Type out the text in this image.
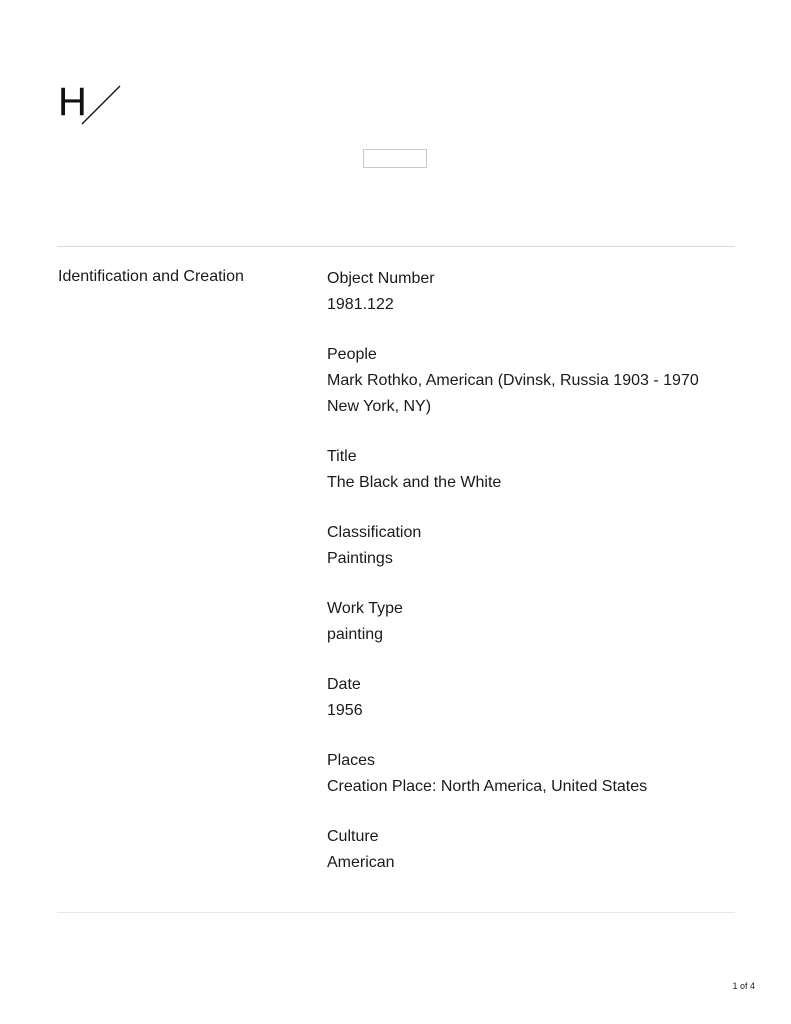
H
Identification and Creation	Object Number
1981.122
People
Mark Rothko, American (Dvinsk, Russia 1903 - 1970 New York, NY)
Title
The Black and the White
Classification
Paintings
Work Type
painting
Date
1956
Places
Creation Place: North America, United States
Culture
American
1 of 4
